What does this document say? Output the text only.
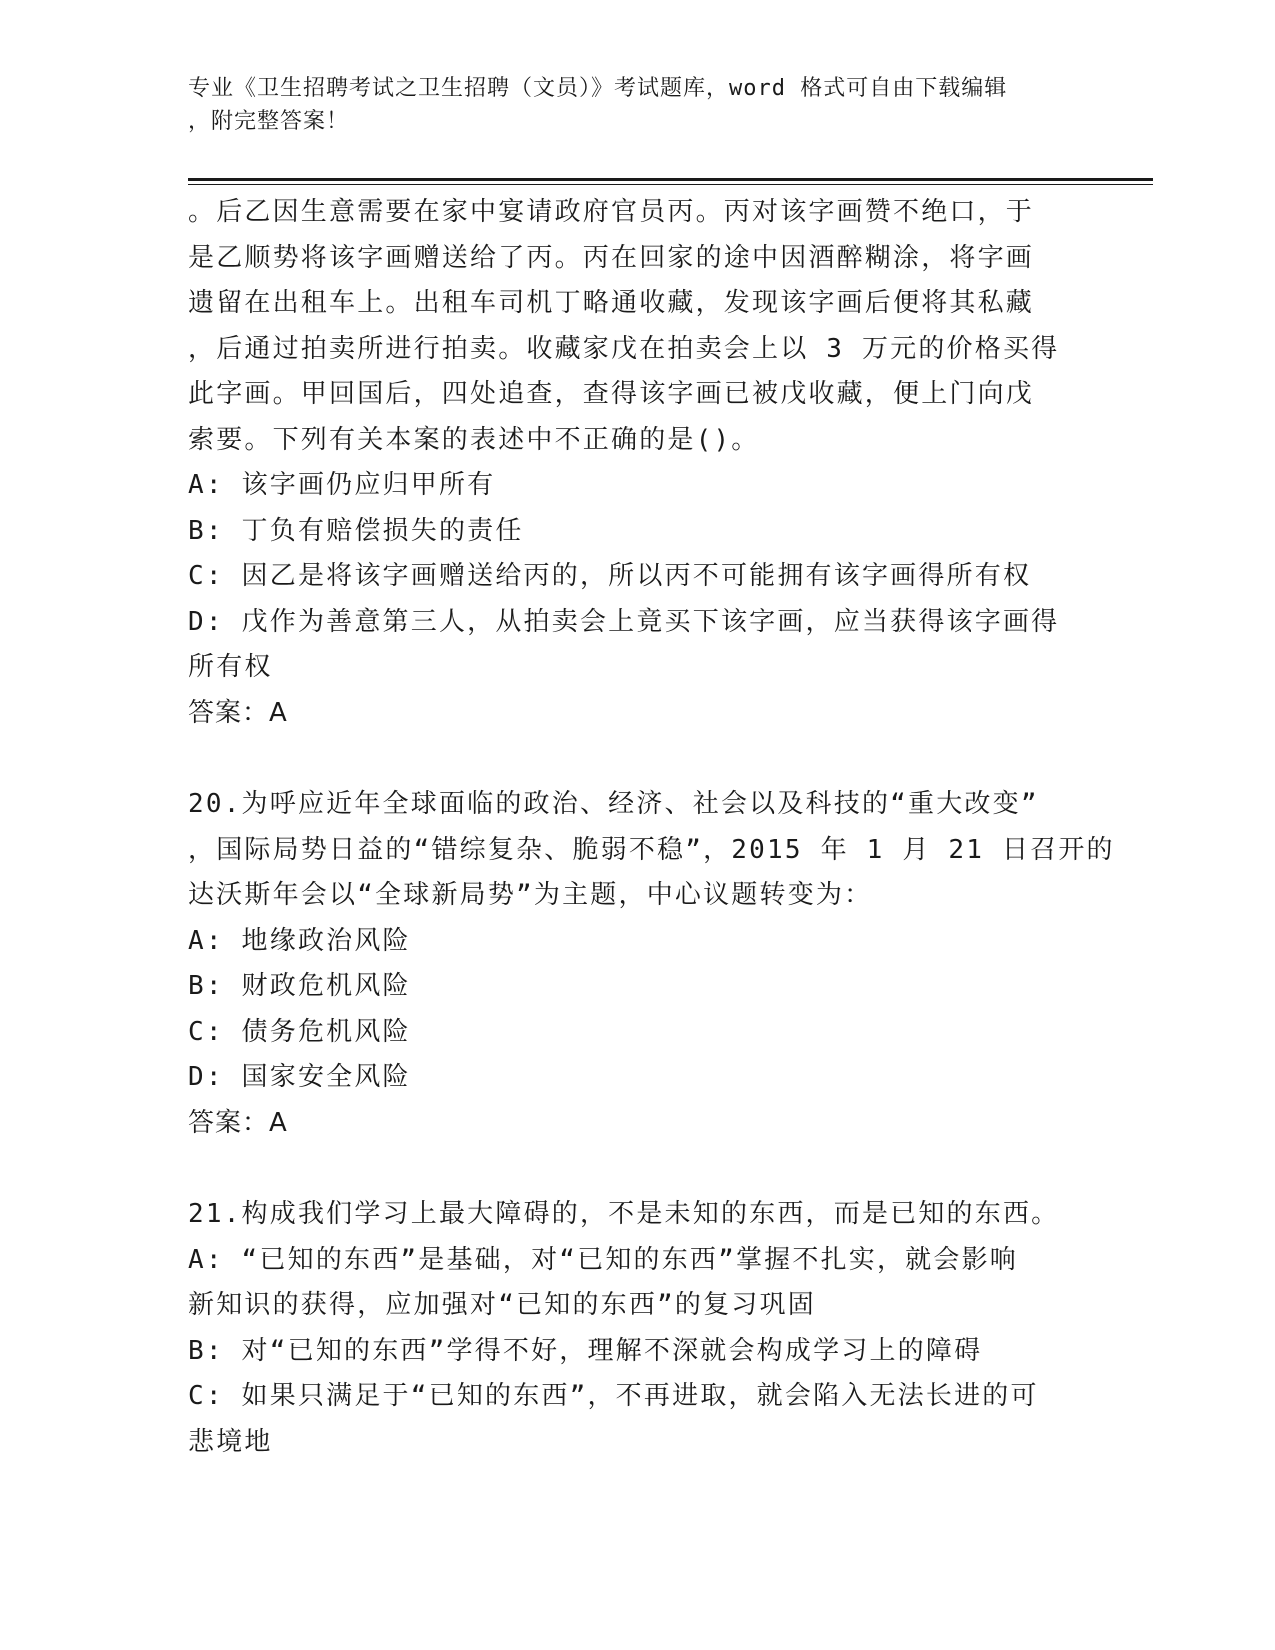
专业《卫生招聘考试之卫生招聘（文员）》考试题库，word 格式可自由下载编辑
，附完整答案！
。后乙因生意需要在家中宴请政府官员丙。丙对该字画赞不绝口，于
是乙顺势将该字画赠送给了丙。丙在回家的途中因酒醉糊涂，将字画
遗留在出租车上。出租车司机丁略通收藏，发现该字画后便将其私藏
，后通过拍卖所进行拍卖。收藏家戊在拍卖会上以 3 万元的价格买得
此字画。甲回国后，四处追查，查得该字画已被戊收藏，便上门向戊
索要。下列有关本案的表述中不正确的是()。
A: 该字画仍应归甲所有
B: 丁负有赔偿损失的责任
C: 因乙是将该字画赠送给丙的，所以丙不可能拥有该字画得所有权
D: 戊作为善意第三人，从拍卖会上竟买下该字画，应当获得该字画得
所有权
答案：A
20.为呼应近年全球面临的政治、经济、社会以及科技的“重大改变”
，国际局势日益的“错综复杂、脆弱不稳”，2015 年 1 月 21 日召开的
达沃斯年会以“全球新局势”为主题，中心议题转变为：
A: 地缘政治风险
B: 财政危机风险
C: 债务危机风险
D: 国家安全风险
答案：A
21.构成我们学习上最大障碍的，不是未知的东西，而是已知的东西。
A: “已知的东西”是基础，对“已知的东西”掌握不扎实，就会影响
新知识的获得，应加强对“已知的东西”的复习巩固
B: 对“已知的东西”学得不好，理解不深就会构成学习上的障碍
C: 如果只满足于“已知的东西”，不再进取，就会陷入无法长进的可
悲境地
